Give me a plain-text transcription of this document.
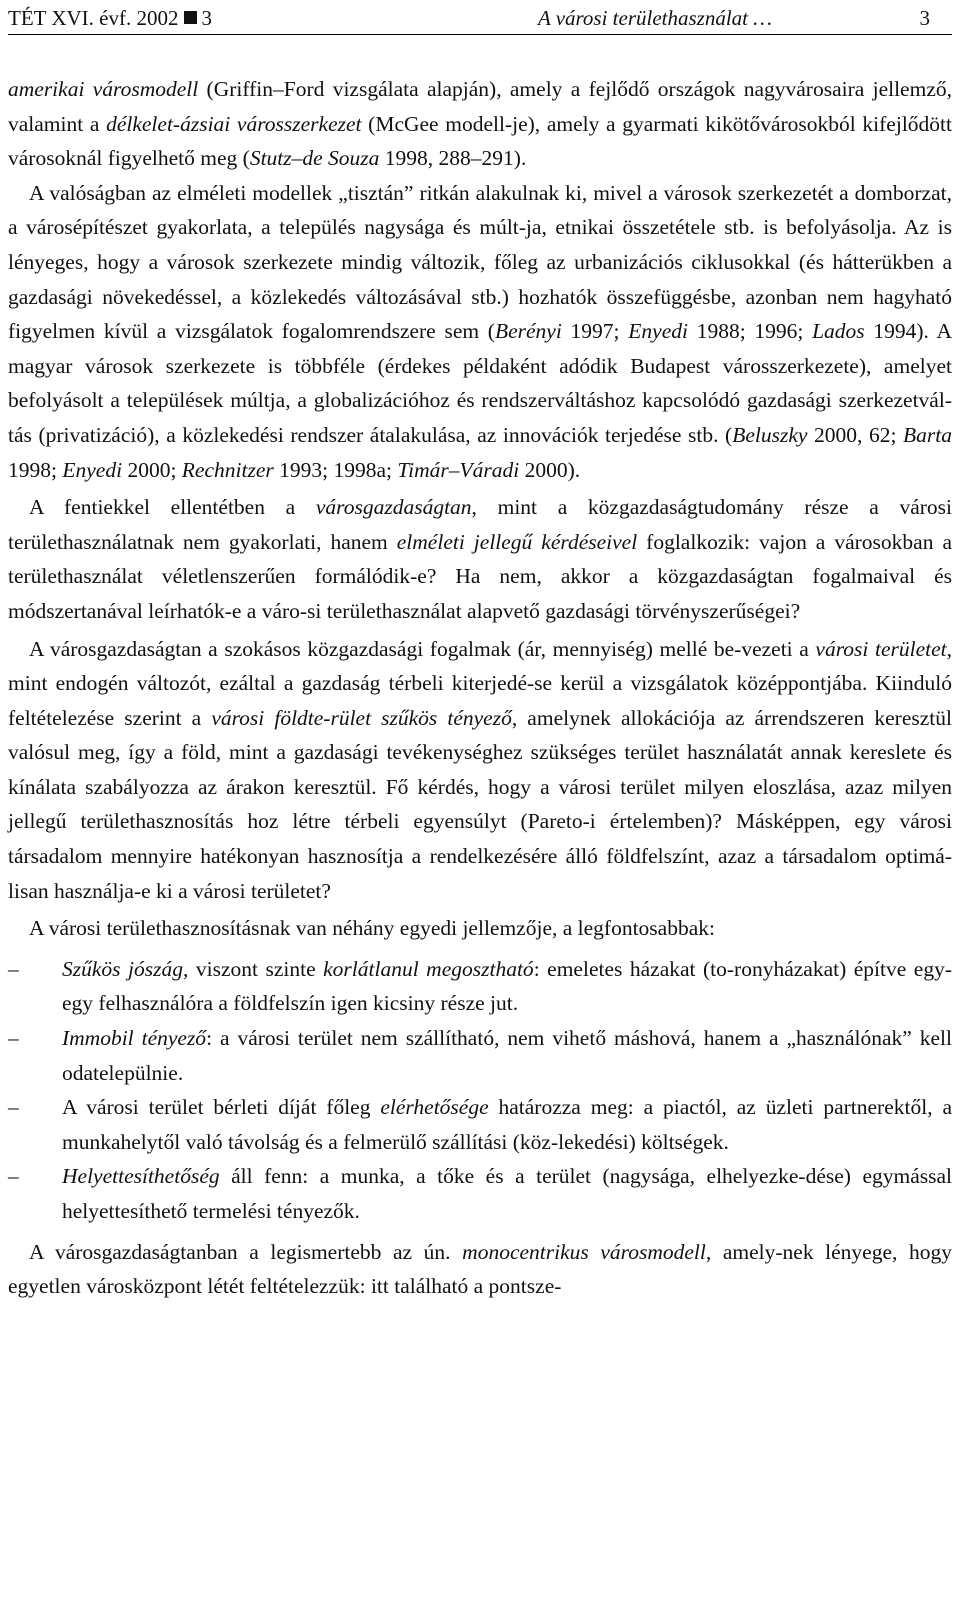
TÉT XVI. évf. 2002 3	A városi területhasználat …	3

amerikai városmodell (Griffin–Ford vizsgálata alapján), amely a fejlődő országok nagyvárosaira jellemző, valamint a délkelet-ázsiai városszerkezet (McGee modell-je), amely a gyarmati kikötővárosokból kifejlődött városoknál figyelhető meg (Stutz–de Souza 1998, 288–291).

A valóságban az elméleti modellek „tisztán” ritkán alakulnak ki, mivel a városok szerkezetét a domborzat, a városépítészet gyakorlata, a település nagysága és múlt-ja, etnikai összetétele stb. is befolyásolja. Az is lényeges, hogy a városok szerkezete mindig változik, főleg az urbanizációs ciklusokkal (és hátterükben a gazdasági növekedéssel, a közlekedés változásával stb.) hozhatók összefüggésbe, azonban nem hagyható figyelmen kívül a vizsgálatok fogalomrendszere sem (Berényi 1997; Enyedi 1988; 1996; Lados 1994). A magyar városok szerkezete is többféle (érdekes példaként adódik Budapest városszerkezete), amelyet befolyásolt a települések múltja, a globalizációhoz és rendszerváltáshoz kapcsolódó gazdasági szerkezetvál-tás (privatizáció), a közlekedési rendszer átalakulása, az innovációk terjedése stb. (Beluszky 2000, 62; Barta 1998; Enyedi 2000; Rechnitzer 1993; 1998a; Timár–Váradi 2000).

A fentiekkel ellentétben a városgazdaságtan, mint a közgazdaságtudomány része a városi területhasználatnak nem gyakorlati, hanem elméleti jellegű kérdéseivel foglalkozik: vajon a városokban a területhasználat véletlenszerűen formálódik-e? Ha nem, akkor a közgazdaságtan fogalmaival és módszertanával leírhatók-e a váro-si területhasználat alapvető gazdasági törvényszerűségei?

A városgazdaságtan a szokásos közgazdasági fogalmak (ár, mennyiség) mellé be-vezeti a városi területet, mint endogén változót, ezáltal a gazdaság térbeli kiterjedé-se kerül a vizsgálatok középpontjába. Kiinduló feltételezése szerint a városi földte-rület szűkös tényező, amelynek allokációja az árrendszeren keresztül valósul meg, így a föld, mint a gazdasági tevékenységhez szükséges terület használatát annak kereslete és kínálata szabályozza az árakon keresztül. Fő kérdés, hogy a városi terület milyen eloszlása, azaz milyen jellegű területhasznosítás hoz létre térbeli egyensúlyt (Pareto-i értelemben)? Másképpen, egy városi társadalom mennyire hatékonyan hasznosítja a rendelkezésére álló földfelszínt, azaz a társadalom optimá-lisan használja-e ki a városi területet?

A városi területhasznosításnak van néhány egyedi jellemzője, a legfontosabbak:

– Szűkös jószág, viszont szinte korlátlanul megosztható: emeletes házakat (to-ronyházakat) építve egy-egy felhasználóra a földfelszín igen kicsiny része jut.
– Immobil tényező: a városi terület nem szállítható, nem vihető máshová, hanem a „használónak” kell odatelepülnie.
– A városi terület bérleti díját főleg elérhetősége határozza meg: a piactól, az üzleti partnerektől, a munkahelytől való távolság és a felmerülő szállítási (köz-lekedési) költségek.
– Helyettesíthetőség áll fenn: a munka, a tőke és a terület (nagysága, elhelyezke-dése) egymással helyettesíthető termelési tényezők.

A városgazdaságtanban a legismertebb az ún. monocentrikus városmodell, amely-nek lényege, hogy egyetlen városközpont létét feltételezzük: itt található a pontsze-
